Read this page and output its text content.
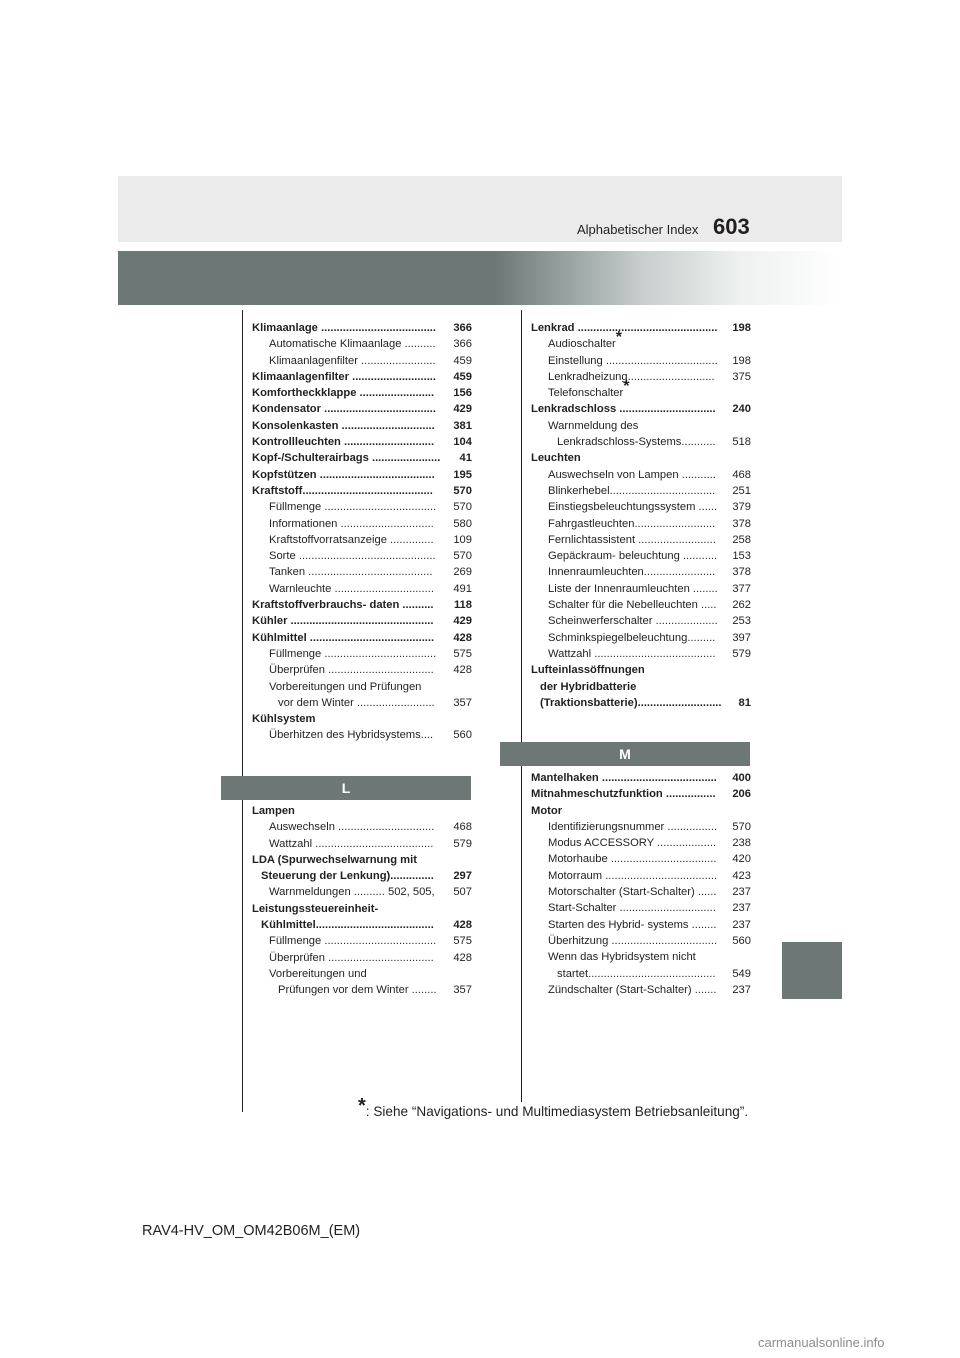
Alphabetischer Index 603
Klimaanlage ..................................... 366
Automatische Klimaanlage .......... 366
Klimaanlagenfilter ........................ 459
Klimaanlagenfilter ........................... 459
Komfortheckklappe ........................ 156
Kondensator .................................... 429
Konsolenkasten .............................. 381
Kontrollleuchten ............................. 104
Kopf-/Schulterairbags ...................... 41
Kopfstützen ..................................... 195
Kraftstoff.......................................... 570
Füllmenge .................................... 570
Informationen .............................. 580
Kraftstoffvorratsanzeige .............. 109
Sorte ............................................ 570
Tanken ........................................ 269
Warnleuchte ................................ 491
Kraftstoffverbrauchs- daten .......... 118
Kühler .............................................. 429
Kühlmittel ........................................ 428
Füllmenge .................................... 575
Überprüfen .................................. 428
Vorbereitungen und Prüfungen
vor dem Winter ......................... 357
Kühlsystem
Überhitzen des Hybridsystems.... 560
L
Lampen
Auswechseln ............................... 468
Wattzahl ...................................... 579
LDA (Spurwechselwarnung mit
Steuerung der Lenkung).............. 297
Warnmeldungen .......... 502, 505, 507
Leistungssteuereinheit-
Kühlmittel...................................... 428
Füllmenge .................................... 575
Überprüfen .................................. 428
Vorbereitungen und
Prüfungen vor dem Winter ........ 357
Lenkrad ............................................. 198
Audioschalter*
Einstellung .................................... 198
Lenkradheizung............................ 375
Telefonschalter*
Lenkradschloss ............................... 240
Warnmeldung des
Lenkradschloss-Systems........... 518
Leuchten
Auswechseln von Lampen ........... 468
Blinkerhebel.................................. 251
Einstiegsbeleuchtungssystem ...... 379
Fahrgastleuchten.......................... 378
Fernlichtassistent ......................... 258
Gepäckraum- beleuchtung ........... 153
Innenraumleuchten....................... 378
Liste der Innenraumleuchten ........ 377
Schalter für die Nebelleuchten ..... 262
Scheinwerferschalter .................... 253
Schminkspiegelbeleuchtung......... 397
Wattzahl ....................................... 579
Lufteinlassöffnungen
der Hybridbatterie
(Traktionsbatterie)........................... 81
M
Mantelhaken ..................................... 400
Mitnahmeschutzfunktion ................ 206
Motor
Identifizierungsnummer ................ 570
Modus ACCESSORY ................... 238
Motorhaube .................................. 420
Motorraum .................................... 423
Motorschalter (Start-Schalter) ...... 237
Start-Schalter ............................... 237
Starten des Hybrid- systems ........ 237
Überhitzung .................................. 560
Wenn das Hybridsystem nicht
startet......................................... 549
Zündschalter (Start-Schalter) ....... 237
*: Siehe “Navigations- und Multimediasystem Betriebsanleitung”.
RAV4-HV_OM_OM42B06M_(EM)
carmanualsonline.info
